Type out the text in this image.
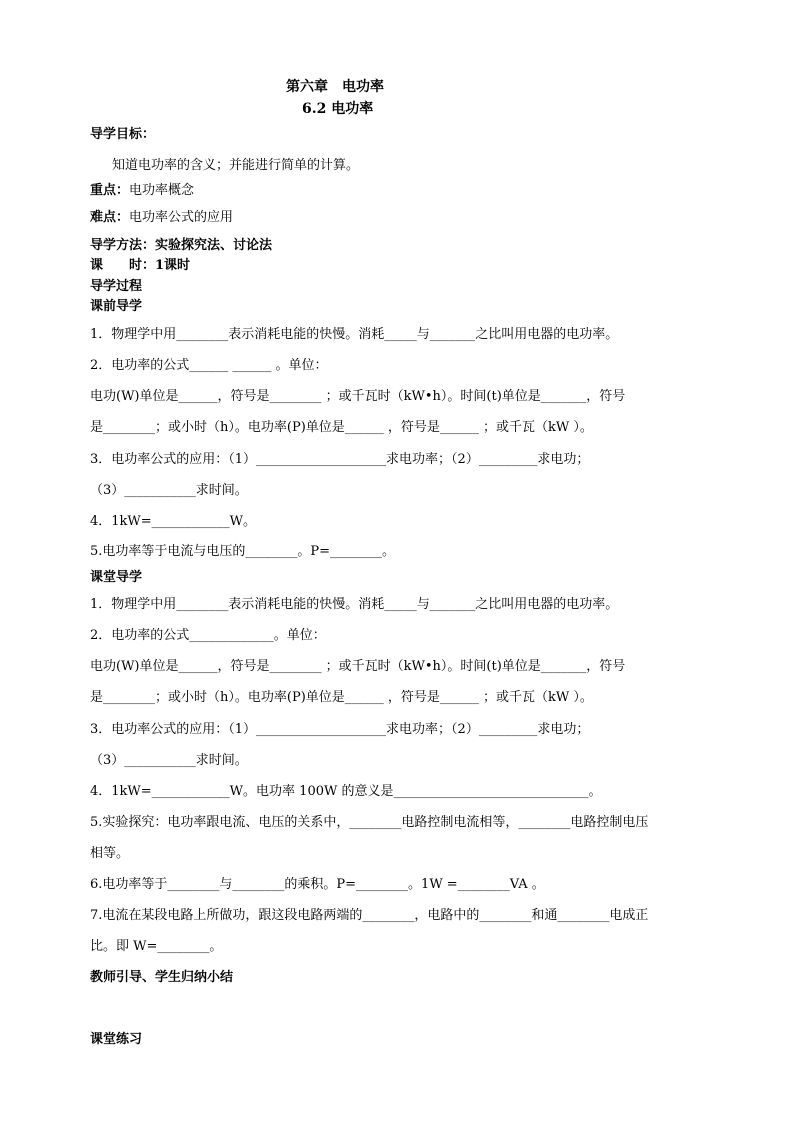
第六章　电功率
6.2 电功率
导学目标：
知道电功率的含义；并能进行简单的计算。
重点：电功率概念
难点：电功率公式的应用
导学方法：实验探究法、讨论法
课　　时：1课时
导学过程
课前导学
1．物理学中用________表示消耗电能的快慢。消耗_____与_______之比叫用电器的电功率。
2．电功率的公式______ ______ 。单位：
电功(W)单位是______，符号是________ ；或千瓦时（kW•h）。时间(t)单位是_______，符号
是________；或小时（h）。电功率(P)单位是______ ，符号是______ ；或千瓦（kW ）。
3．电功率公式的应用：（1）____________________求电功率；（2）_________求电功；
（3）___________求时间。
4．1kW=____________W。
5.电功率等于电流与电压的________。P=________。
课堂导学
1．物理学中用________表示消耗电能的快慢。消耗_____与_______之比叫用电器的电功率。
2．电功率的公式_____________。单位：
电功(W)单位是______，符号是________ ；或千瓦时（kW•h）。时间(t)单位是_______，符号
是________；或小时（h）。电功率(P)单位是______ ，符号是______ ；或千瓦（kW ）。
3．电功率公式的应用：（1）____________________求电功率；（2）_________求电功；
（3）___________求时间。
4．1kW=____________W。电功率 100W 的意义是______________________________。
5.实验探究：电功率跟电流、电压的关系中，________电路控制电流相等，________电路控制电压
相等。
6.电功率等于________与________的乘积。P=________。1W =________VA 。
7.电流在某段电路上所做功，跟这段电路两端的________，电路中的________和通________电成正
比。即 W=________。
教师引导、学生归纳小结
课堂练习
